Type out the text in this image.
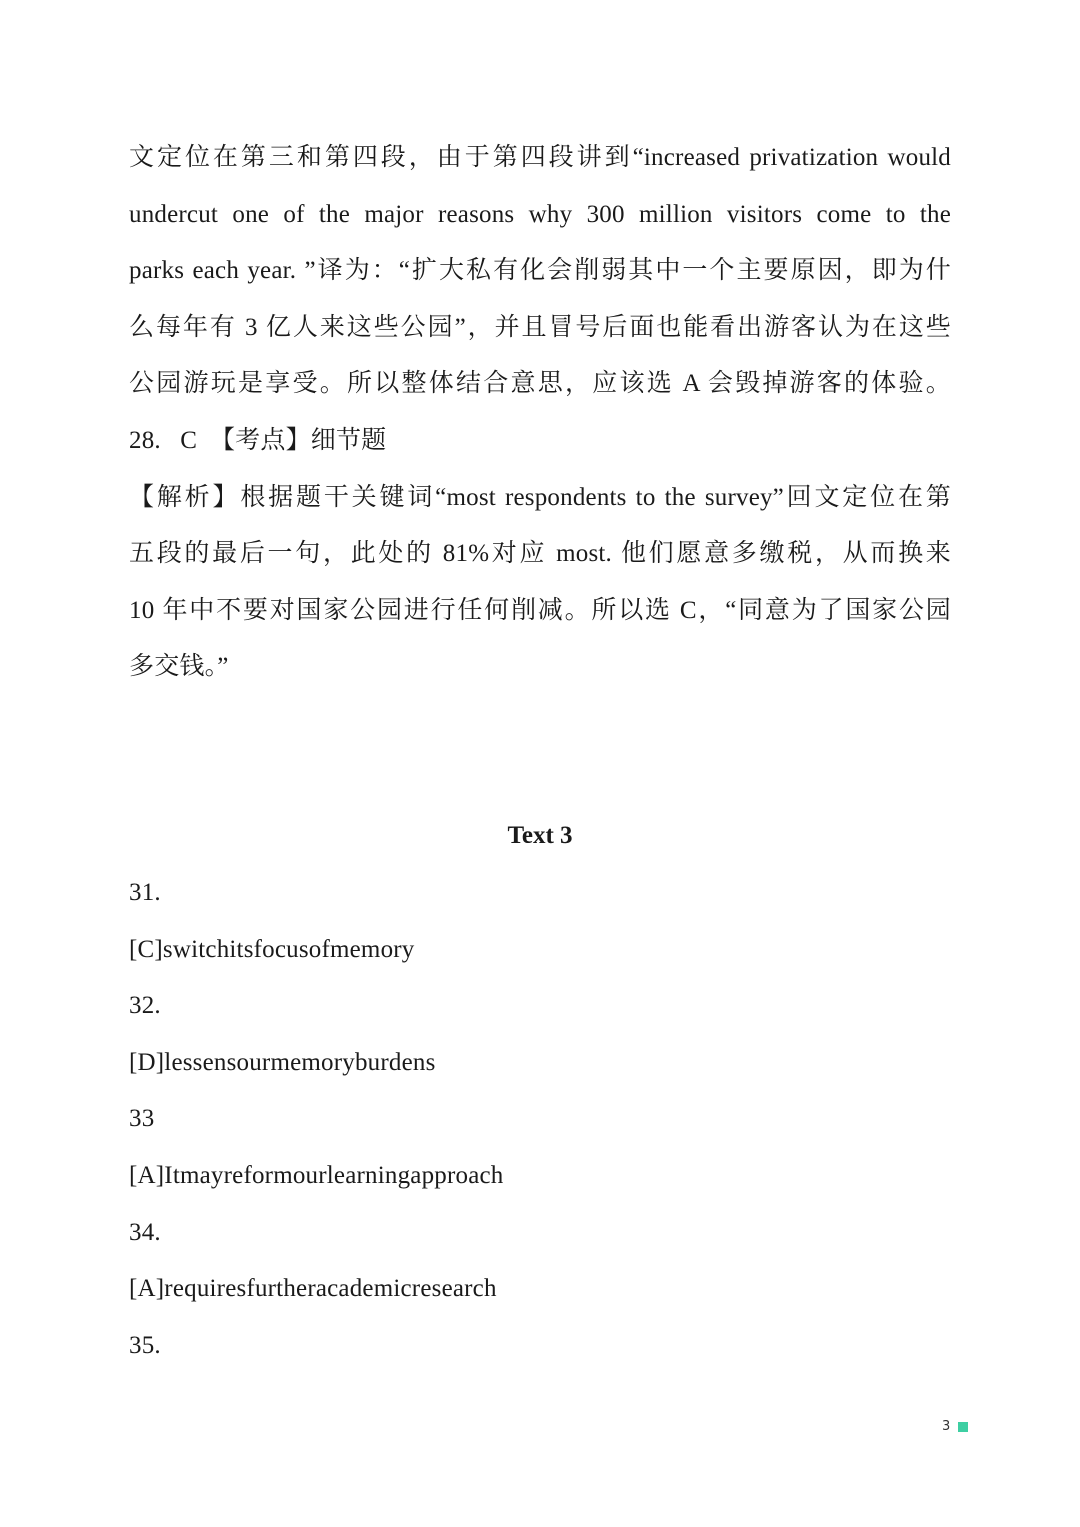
文定位在第三和第四段，由于第四段讲到“increased privatization would
undercut one of the major reasons why 300 million visitors come to the
parks each year. ”译为：“扩大私有化会削弱其中一个主要原因，即为什
么每年有 3 亿人来这些公园”，并且冒号后面也能看出游客认为在这些
公园游玩是享受。所以整体结合意思，应该选 A 会毁掉游客的体验。
28.   C  【考点】细节题
【解析】根据题干关键词“most respondents to the survey”回文定位在第
五段的最后一句，此处的 81%对应 most. 他们愿意多缴税，从而换来
10 年中不要对国家公园进行任何削减。所以选 C，“同意为了国家公园
多交钱。”
Text 3
31.
[C]switchitsfocusofmemory
32.
[D]lessensourmemoryburdens
33
[A]Itmayreformourlearningapproach
34.
[A]requiresfurtheracademicresearch
35.
3
